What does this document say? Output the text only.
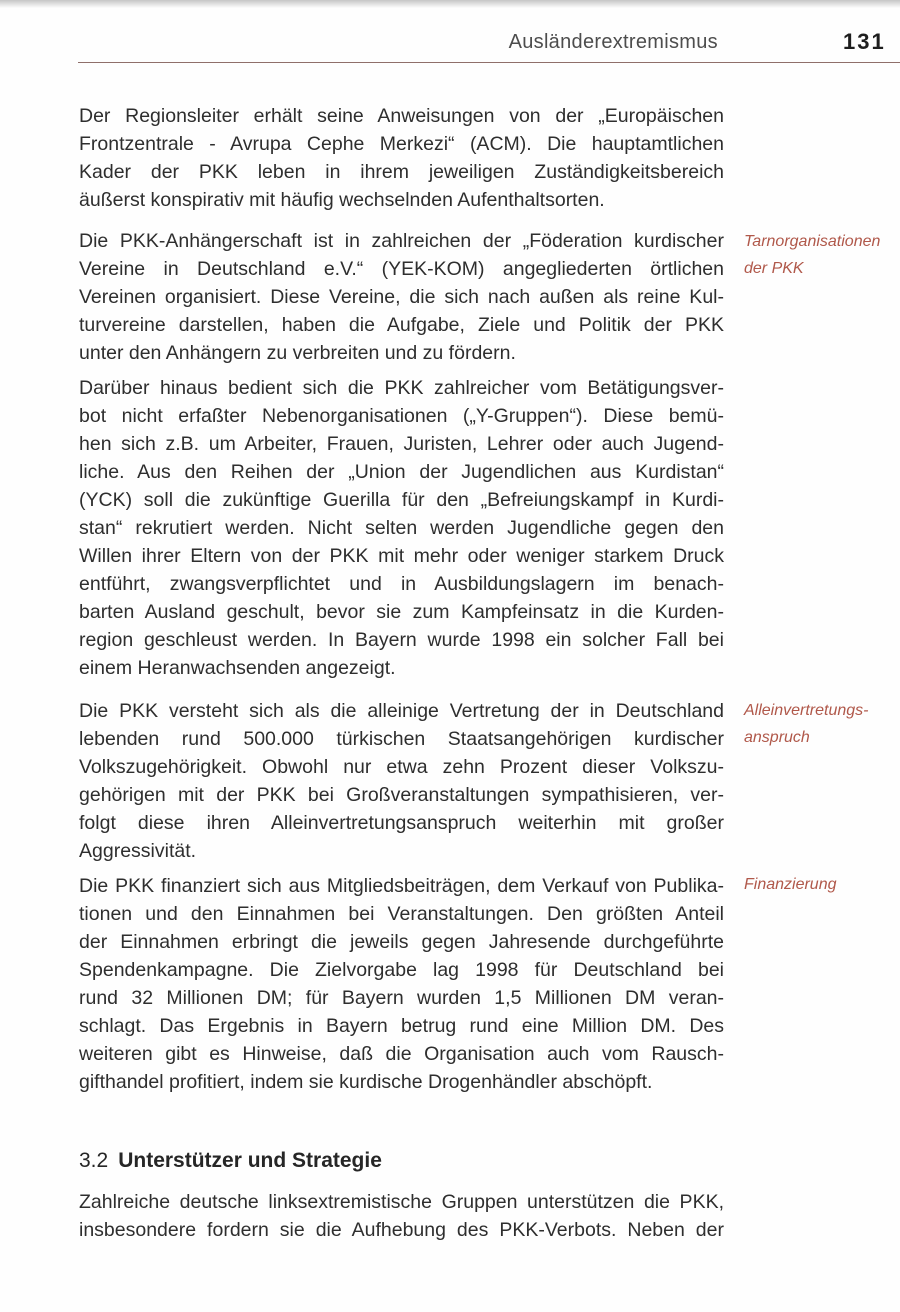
Ausländerextremismus	131
Der Regionsleiter erhält seine Anweisungen von der „Europäischen
Frontzentrale - Avrupa Cephe Merkezi“ (ACM). Die hauptamtlichen
Kader der PKK leben in ihrem jeweiligen Zuständigkeitsbereich
äußerst konspirativ mit häufig wechselnden Aufenthaltsorten.
Die PKK-Anhängerschaft ist in zahlreichen der „Föderation kurdischer
Vereine in Deutschland e.V.“ (YEK-KOM) angegliederten örtlichen
Vereinen organisiert. Diese Vereine, die sich nach außen als reine Kul-
turvereine darstellen, haben die Aufgabe, Ziele und Politik der PKK
unter den Anhängern zu verbreiten und zu fördern.
Darüber hinaus bedient sich die PKK zahlreicher vom Betätigungsver-
bot nicht erfaßter Nebenorganisationen („Y-Gruppen“). Diese bemü-
hen sich z.B. um Arbeiter, Frauen, Juristen, Lehrer oder auch Jugend-
liche. Aus den Reihen der „Union der Jugendlichen aus Kurdistan“
(YCK) soll die zukünftige Guerilla für den „Befreiungskampf in Kurdi-
stan“ rekrutiert werden. Nicht selten werden Jugendliche gegen den
Willen ihrer Eltern von der PKK mit mehr oder weniger starkem Druck
entführt, zwangsverpflichtet und in Ausbildungslagern im benach-
barten Ausland geschult, bevor sie zum Kampfeinsatz in die Kurden-
region geschleust werden. In Bayern wurde 1998 ein solcher Fall bei
einem Heranwachsenden angezeigt.
Die PKK versteht sich als die alleinige Vertretung der in Deutschland
lebenden rund 500.000 türkischen Staatsangehörigen kurdischer
Volkszugehörigkeit. Obwohl nur etwa zehn Prozent dieser Volkszu-
gehörigen mit der PKK bei Großveranstaltungen sympathisieren, ver-
folgt diese ihren Alleinvertretungsanspruch weiterhin mit großer
Aggressivität.
Die PKK finanziert sich aus Mitgliedsbeiträgen, dem Verkauf von Publika-
tionen und den Einnahmen bei Veranstaltungen. Den größten Anteil
der Einnahmen erbringt die jeweils gegen Jahresende durchgeführte
Spendenkampagne. Die Zielvorgabe lag 1998 für Deutschland bei
rund 32 Millionen DM; für Bayern wurden 1,5 Millionen DM veran-
schlagt. Das Ergebnis in Bayern betrug rund eine Million DM. Des
weiteren gibt es Hinweise, daß die Organisation auch vom Rausch-
gifthandel profitiert, indem sie kurdische Drogenhändler abschöpft.
Tarnorganisationen
der PKK
Alleinvertretungs-
anspruch
Finanzierung
3.2 Unterstützer und Strategie
Zahlreiche deutsche linksextremistische Gruppen unterstützen die PKK,
insbesondere fordern sie die Aufhebung des PKK-Verbots. Neben der
